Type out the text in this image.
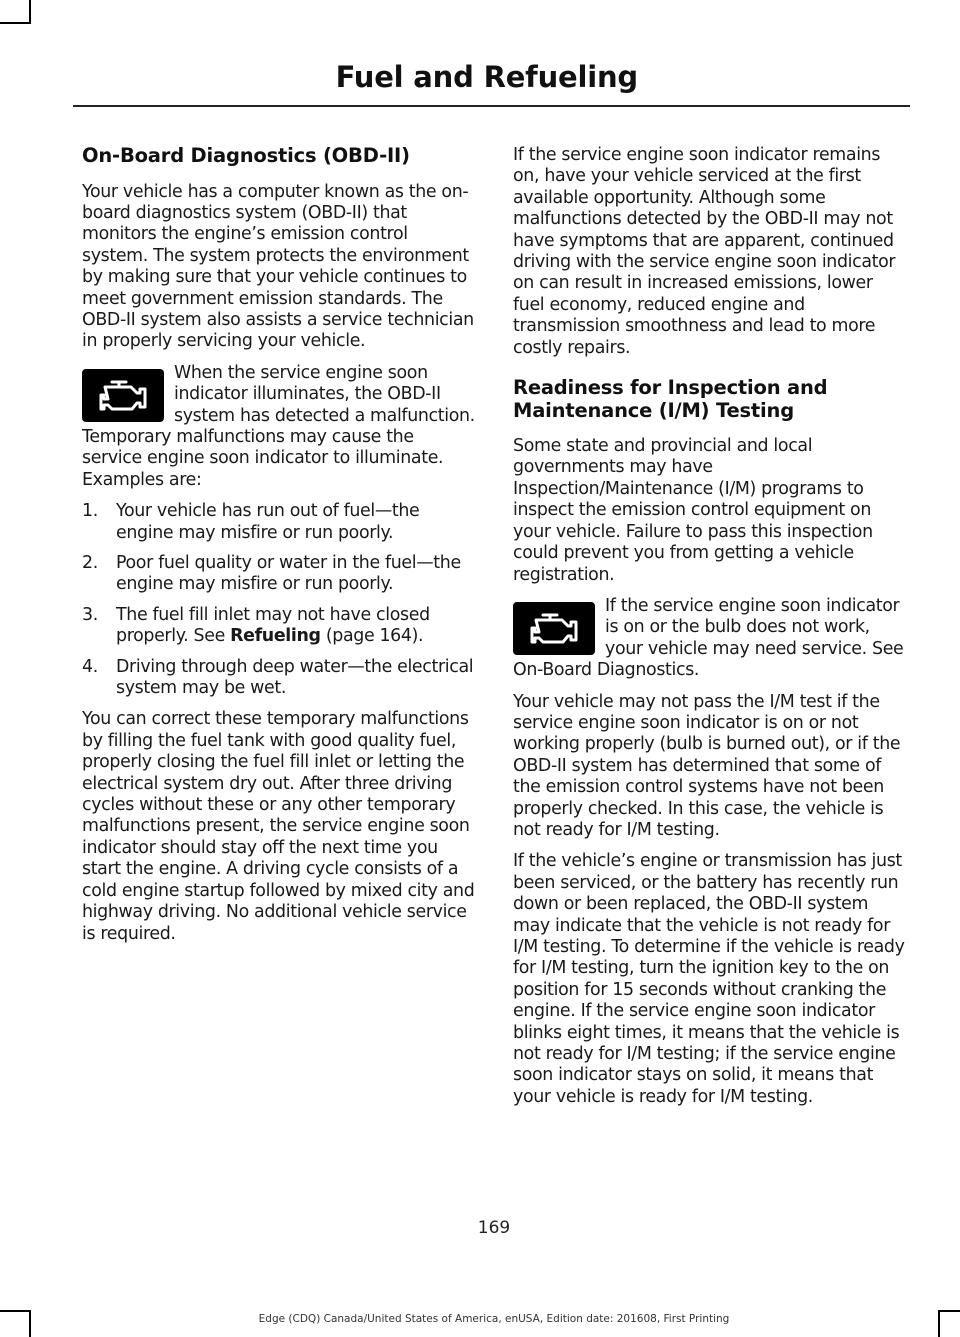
Fuel and Refueling
On-Board Diagnostics (OBD-II)

Your vehicle has a computer known as the on-board diagnostics system (OBD-II) that monitors the engine’s emission control system. The system protects the environment by making sure that your vehicle continues to meet government emission standards. The OBD-II system also assists a service technician in properly servicing your vehicle.

When the service engine soon indicator illuminates, the OBD-II system has detected a malfunction. Temporary malfunctions may cause the service engine soon indicator to illuminate. Examples are:

1. Your vehicle has run out of fuel—the engine may misfire or run poorly.
2. Poor fuel quality or water in the fuel—the engine may misfire or run poorly.
3. The fuel fill inlet may not have closed properly. See Refueling (page 164).
4. Driving through deep water—the electrical system may be wet.

You can correct these temporary malfunctions by filling the fuel tank with good quality fuel, properly closing the fuel fill inlet or letting the electrical system dry out. After three driving cycles without these or any other temporary malfunctions present, the service engine soon indicator should stay off the next time you start the engine. A driving cycle consists of a cold engine startup followed by mixed city and highway driving. No additional vehicle service is required.

If the service engine soon indicator remains on, have your vehicle serviced at the first available opportunity. Although some malfunctions detected by the OBD-II may not have symptoms that are apparent, continued driving with the service engine soon indicator on can result in increased emissions, lower fuel economy, reduced engine and transmission smoothness and lead to more costly repairs.

Readiness for Inspection and Maintenance (I/M) Testing

Some state and provincial and local governments may have Inspection/Maintenance (I/M) programs to inspect the emission control equipment on your vehicle. Failure to pass this inspection could prevent you from getting a vehicle registration.

If the service engine soon indicator is on or the bulb does not work, your vehicle may need service. See On-Board Diagnostics.

Your vehicle may not pass the I/M test if the service engine soon indicator is on or not working properly (bulb is burned out), or if the OBD-II system has determined that some of the emission control systems have not been properly checked. In this case, the vehicle is not ready for I/M testing.

If the vehicle’s engine or transmission has just been serviced, or the battery has recently run down or been replaced, the OBD-II system may indicate that the vehicle is not ready for I/M testing. To determine if the vehicle is ready for I/M testing, turn the ignition key to the on position for 15 seconds without cranking the engine. If the service engine soon indicator blinks eight times, it means that the vehicle is not ready for I/M testing; if the service engine soon indicator stays on solid, it means that your vehicle is ready for I/M testing.

169
Edge (CDQ) Canada/United States of America, enUSA, Edition date: 201608, First Printing
